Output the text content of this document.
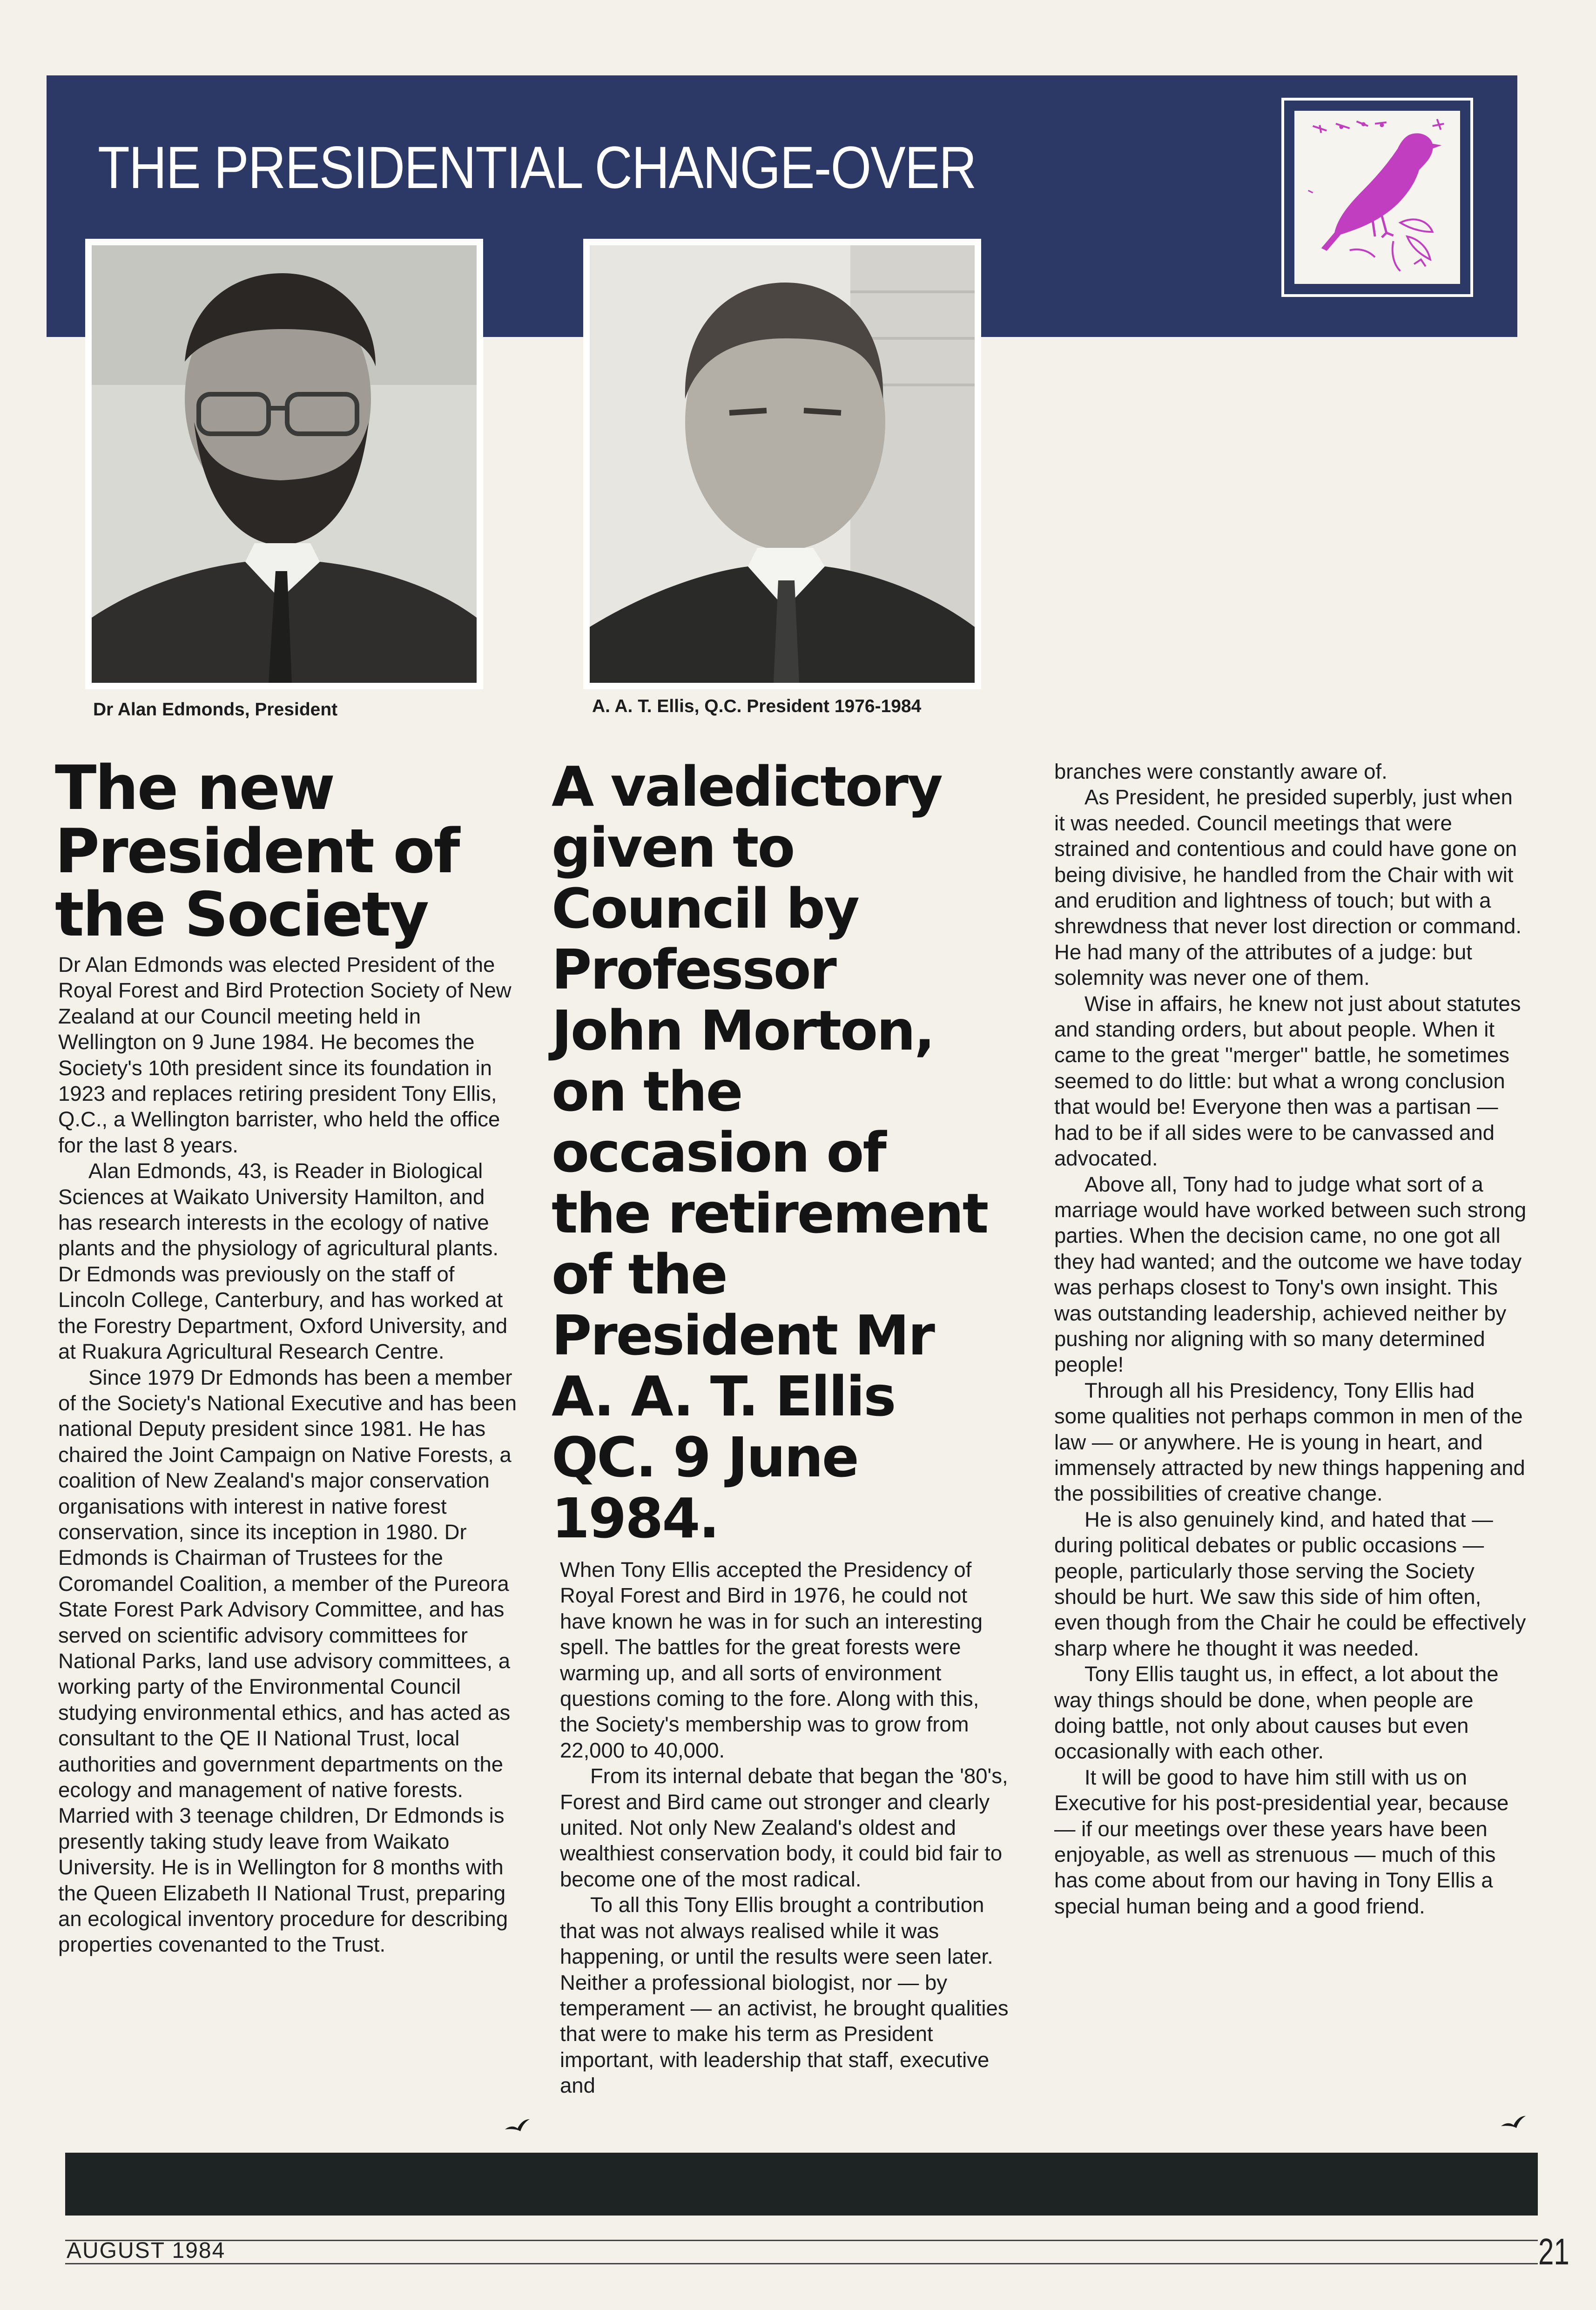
THE PRESIDENTIAL CHANGE-OVER
Dr Alan Edmonds, President	A. A. T. Ellis, Q.C. President 1976-1984
The new
President of
the Society

Dr Alan Edmonds was elected President of the Royal Forest and Bird Protection Society of New Zealand at our Council meeting held in Wellington on 9 June 1984. He becomes the Society's 10th president since its foundation in 1923 and replaces retiring president Tony Ellis, Q.C., a Wellington barrister, who held the office for the last 8 years.

Alan Edmonds, 43, is Reader in Biological Sciences at Waikato University Hamilton, and has research interests in the ecology of native plants and the physiology of agricultural plants. Dr Edmonds was previously on the staff of Lincoln College, Canterbury, and has worked at the Forestry Department, Oxford University, and at Ruakura Agricultural Research Centre.

Since 1979 Dr Edmonds has been a member of the Society's National Executive and has been national Deputy president since 1981. He has chaired the Joint Campaign on Native Forests, a coalition of New Zealand's major conservation organisations with interest in native forest conservation, since its inception in 1980. Dr Edmonds is Chairman of Trustees for the Coromandel Coalition, a member of the Pureora State Forest Park Advisory Committee, and has served on scientific advisory committees for National Parks, land use advisory committees, a working party of the Environmental Council studying environmental ethics, and has acted as consultant to the QE II National Trust, local authorities and government departments on the ecology and management of native forests. Married with 3 teenage children, Dr Edmonds is presently taking study leave from Waikato University. He is in Wellington for 8 months with the Queen Elizabeth II National Trust, preparing an ecological inventory procedure for describing properties covenanted to the Trust.

A valedictory
given to
Council by
Professor
John Morton,
on the
occasion of
the retirement
of the
President Mr
A. A. T. Ellis
QC. 9 June
1984.

When Tony Ellis accepted the Presidency of Royal Forest and Bird in 1976, he could not have known he was in for such an interesting spell. The battles for the great forests were warming up, and all sorts of environment questions coming to the fore. Along with this, the Society's membership was to grow from 22,000 to 40,000.

From its internal debate that began the '80's, Forest and Bird came out stronger and clearly united. Not only New Zealand's oldest and wealthiest conservation body, it could bid fair to become one of the most radical.

To all this Tony Ellis brought a contribution that was not always realised while it was happening, or until the results were seen later. Neither a professional biologist, nor — by temperament — an activist, he brought qualities that were to make his term as President important, with leadership that staff, executive and

branches were constantly aware of.

As President, he presided superbly, just when it was needed. Council meetings that were strained and contentious and could have gone on being divisive, he handled from the Chair with wit and erudition and lightness of touch; but with a shrewdness that never lost direction or command. He had many of the attributes of a judge: but solemnity was never one of them.

Wise in affairs, he knew not just about statutes and standing orders, but about people. When it came to the great ''merger'' battle, he sometimes seemed to do little: but what a wrong conclusion that would be! Everyone then was a partisan — had to be if all sides were to be canvassed and advocated.

Above all, Tony had to judge what sort of a marriage would have worked between such strong parties. When the decision came, no one got all they had wanted; and the outcome we have today was perhaps closest to Tony's own insight. This was outstanding leadership, achieved neither by pushing nor aligning with so many determined people!

Through all his Presidency, Tony Ellis had some qualities not perhaps common in men of the law — or anywhere. He is young in heart, and immensely attracted by new things happening and the possibilities of creative change.

He is also genuinely kind, and hated that — during political debates or public occasions — people, particularly those serving the Society should be hurt. We saw this side of him often, even though from the Chair he could be effectively sharp where he thought it was needed.

Tony Ellis taught us, in effect, a lot about the way things should be done, when people are doing battle, not only about causes but even occasionally with each other.

It will be good to have him still with us on Executive for his post-presidential year, because — if our meetings over these years have been enjoyable, as well as strenuous — much of this has come about from our having in Tony Ellis a special human being and a good friend.

AUGUST 1984	21
